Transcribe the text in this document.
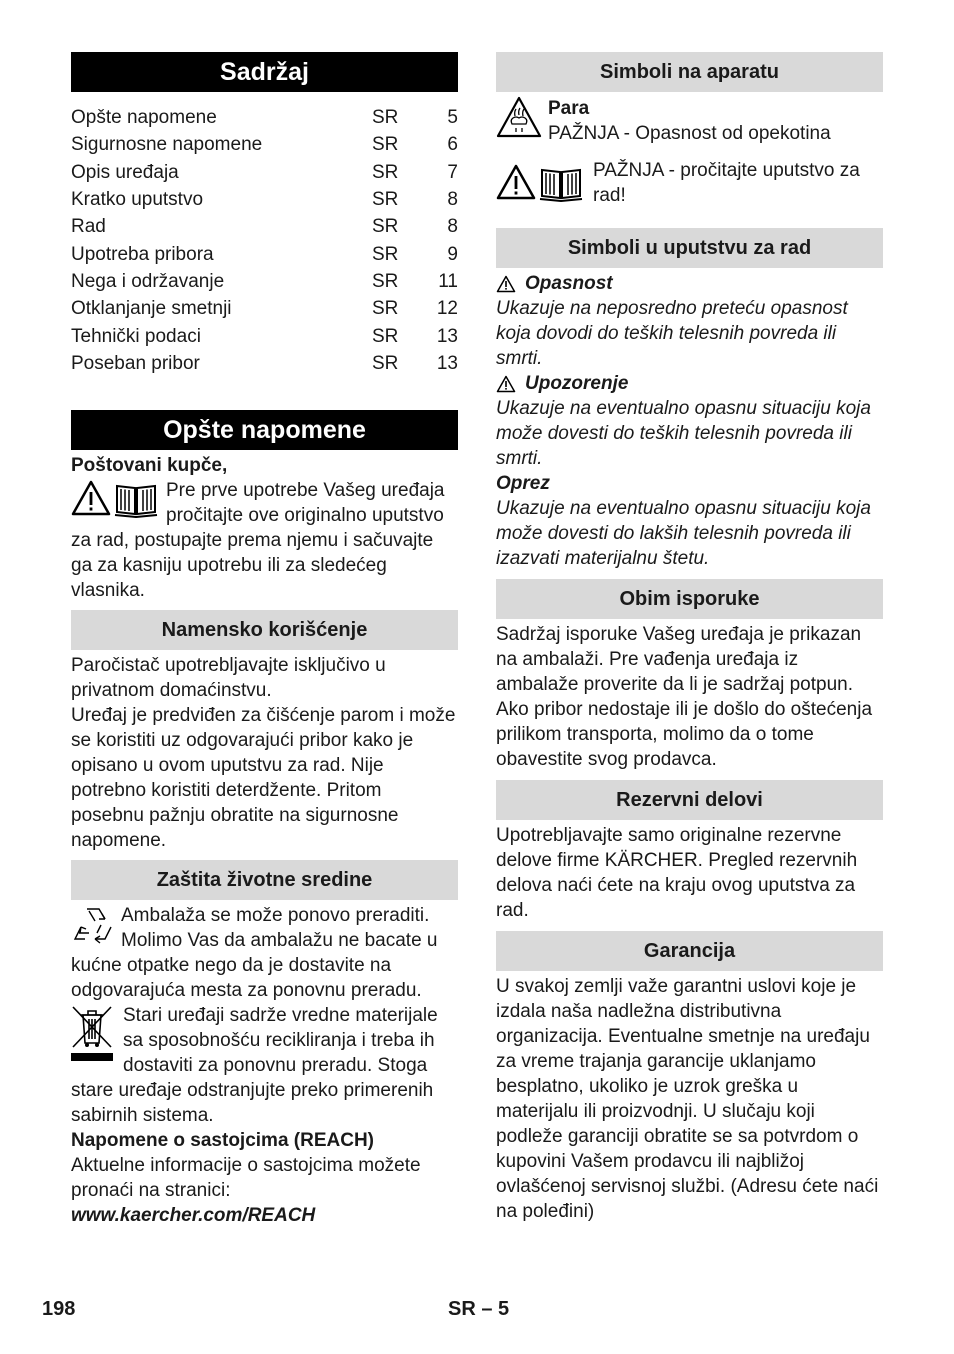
Sadržaj
Opšte napomene	SR	5
Sigurnosne napomene	SR	6
Opis uređaja	SR	7
Kratko uputstvo	SR	8
Rad	SR	8
Upotreba pribora	SR	9
Nega i održavanje	SR	11
Otklanjanje smetnji	SR	12
Tehnički podaci	SR	13
Poseban pribor	SR	13
Opšte napomene

Poštovani kupče,

Pre prve upotrebe Vašeg uređaja pročitajte ove originalno uputstvo za rad, postupajte prema njemu i sačuvajte ga za kasniju upotrebu ili za sledećeg vlasnika.

Namensko korišćenje

Paročistač upotrebljavajte isključivo u privatnom domaćinstvu.

Uređaj je predviđen za čišćenje parom i može se koristiti uz odgovarajući pribor kako je opisano u ovom uputstvu za rad. Nije potrebno koristiti deterdžente. Pritom posebnu pažnju obratite na sigurnosne napomene.

Zaštita životne sredine

Ambalaža se može ponovo preraditi. Molimo Vas da ambalažu ne bacate u kućne otpatke nego da je dostavite na odgovarajuća mesta za ponovnu preradu.

Stari uređaji sadrže vredne materijale sa sposobnošću recikliranja i treba ih dostaviti za ponovnu preradu. Stoga stare uređaje odstranjujte preko primerenih sabirnih sistema.

Napomene o sastojcima (REACH)

Aktuelne informacije o sastojcima možete pronaći na stranici:

www.kaercher.com/REACH

Simboli na aparatu

Para

PAŽNJA - Opasnost od opekotina

PAŽNJA - pročitajte uputstvo za rad!

Simboli u uputstvu za rad

Opasnost

Ukazuje na neposredno preteću opasnost koja dovodi do teških telesnih povreda ili smrti.

Upozorenje

Ukazuje na eventualno opasnu situaciju koja može dovesti do teških telesnih povreda ili smrti.

Oprez

Ukazuje na eventualno opasnu situaciju koja može dovesti do lakših telesnih povreda ili izazvati materijalnu štetu.

Obim isporuke

Sadržaj isporuke Vašeg uređaja je prikazan na ambalaži. Pre vađenja uređaja iz ambalaže proverite da li je sadržaj potpun.

Ako pribor nedostaje ili je došlo do oštećenja prilikom transporta, molimo da o tome obavestite svog prodavca.

Rezervni delovi

Upotrebljavajte samo originalne rezervne delove firme KÄRCHER. Pregled rezervnih delova naći ćete na kraju ovog uputstva za rad.

Garancija

U svakoj zemlji važe garantni uslovi koje je izdala naša nadležna distributivna organizacija. Eventualne smetnje na uređaju za vreme trajanja garancije uklanjamo besplatno, ukoliko je uzrok greška u materijalu ili proizvodnji. U slučaju koji podleže garanciji obratite se sa potvrdom o kupovini Vašem prodavcu ili najbližoj ovlašćenoj servisnoj službi. (Adresu ćete naći na poleđini)

198	SR – 5
